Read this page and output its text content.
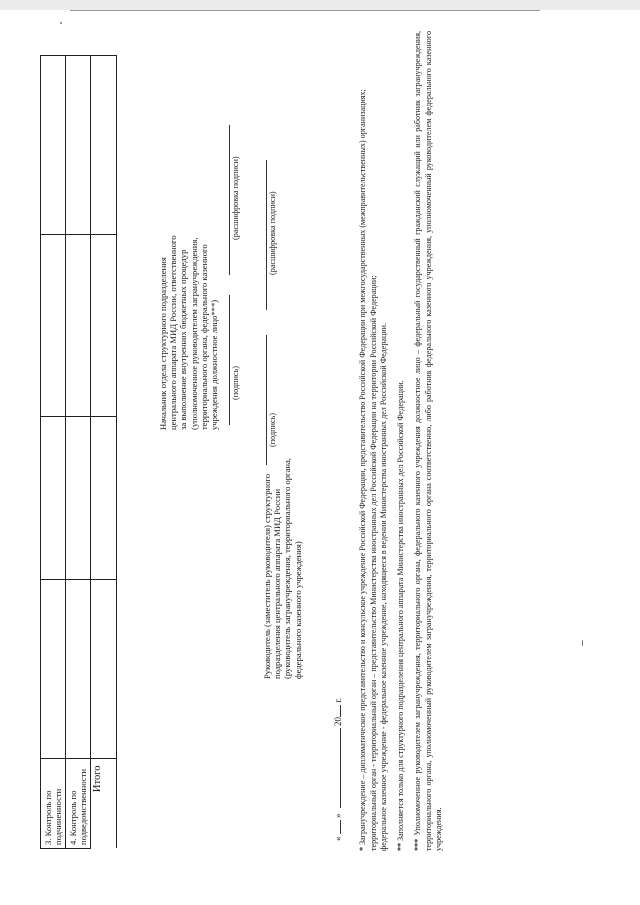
3. Контроль по подчиненности				
4. Контроль по подведомственности				
Итого				
Начальник отдела структурного подразделения центрального аппарата МИД России, ответственного за выполнение внутренних бюджетных процедур (уполномоченное руководителем загранучреждения, территориального органа, федерального казенного учреждения должностное лицо***) (подпись)
(расшифровка подписи)
Руководитель (заместитель руководителя) структурного подразделения центрального аппарата МИД России (руководитель загранучреждения, территориального органа, федерального казенного учреждения)
(подпись)
(расшифровка подписи)
«  »  20 г.

* Загранучреждение – дипломатическое представительство и консульское учреждение Российской Федерации, представительство Российской Федерации при межгосударственных (межправительственных) организациях; территориальный орган - территориальный орган – представительство Министерства иностранных дел Российской Федерации на территории Российской Федерации; федеральное казенное учреждение - федеральное казенное учреждение, находящееся в ведении Министерства иностранных дел Российской Федерации. ** Заполняется только для структурного подразделения центрального аппарата Министерства иностранных дел Российской Федерации.

*** Уполномоченное руководителем загранучреждения, территориального органа, федерального казенного учреждения должностное лицо – федеральный государственный гражданский служащий или работник загранучреждения, территориального органа, уполномоченный руководителем загранучреждения, территориального органа соответственно, либо работник федерального казенного учреждения, уполномоченный руководителем федерального казенного учреждения.
